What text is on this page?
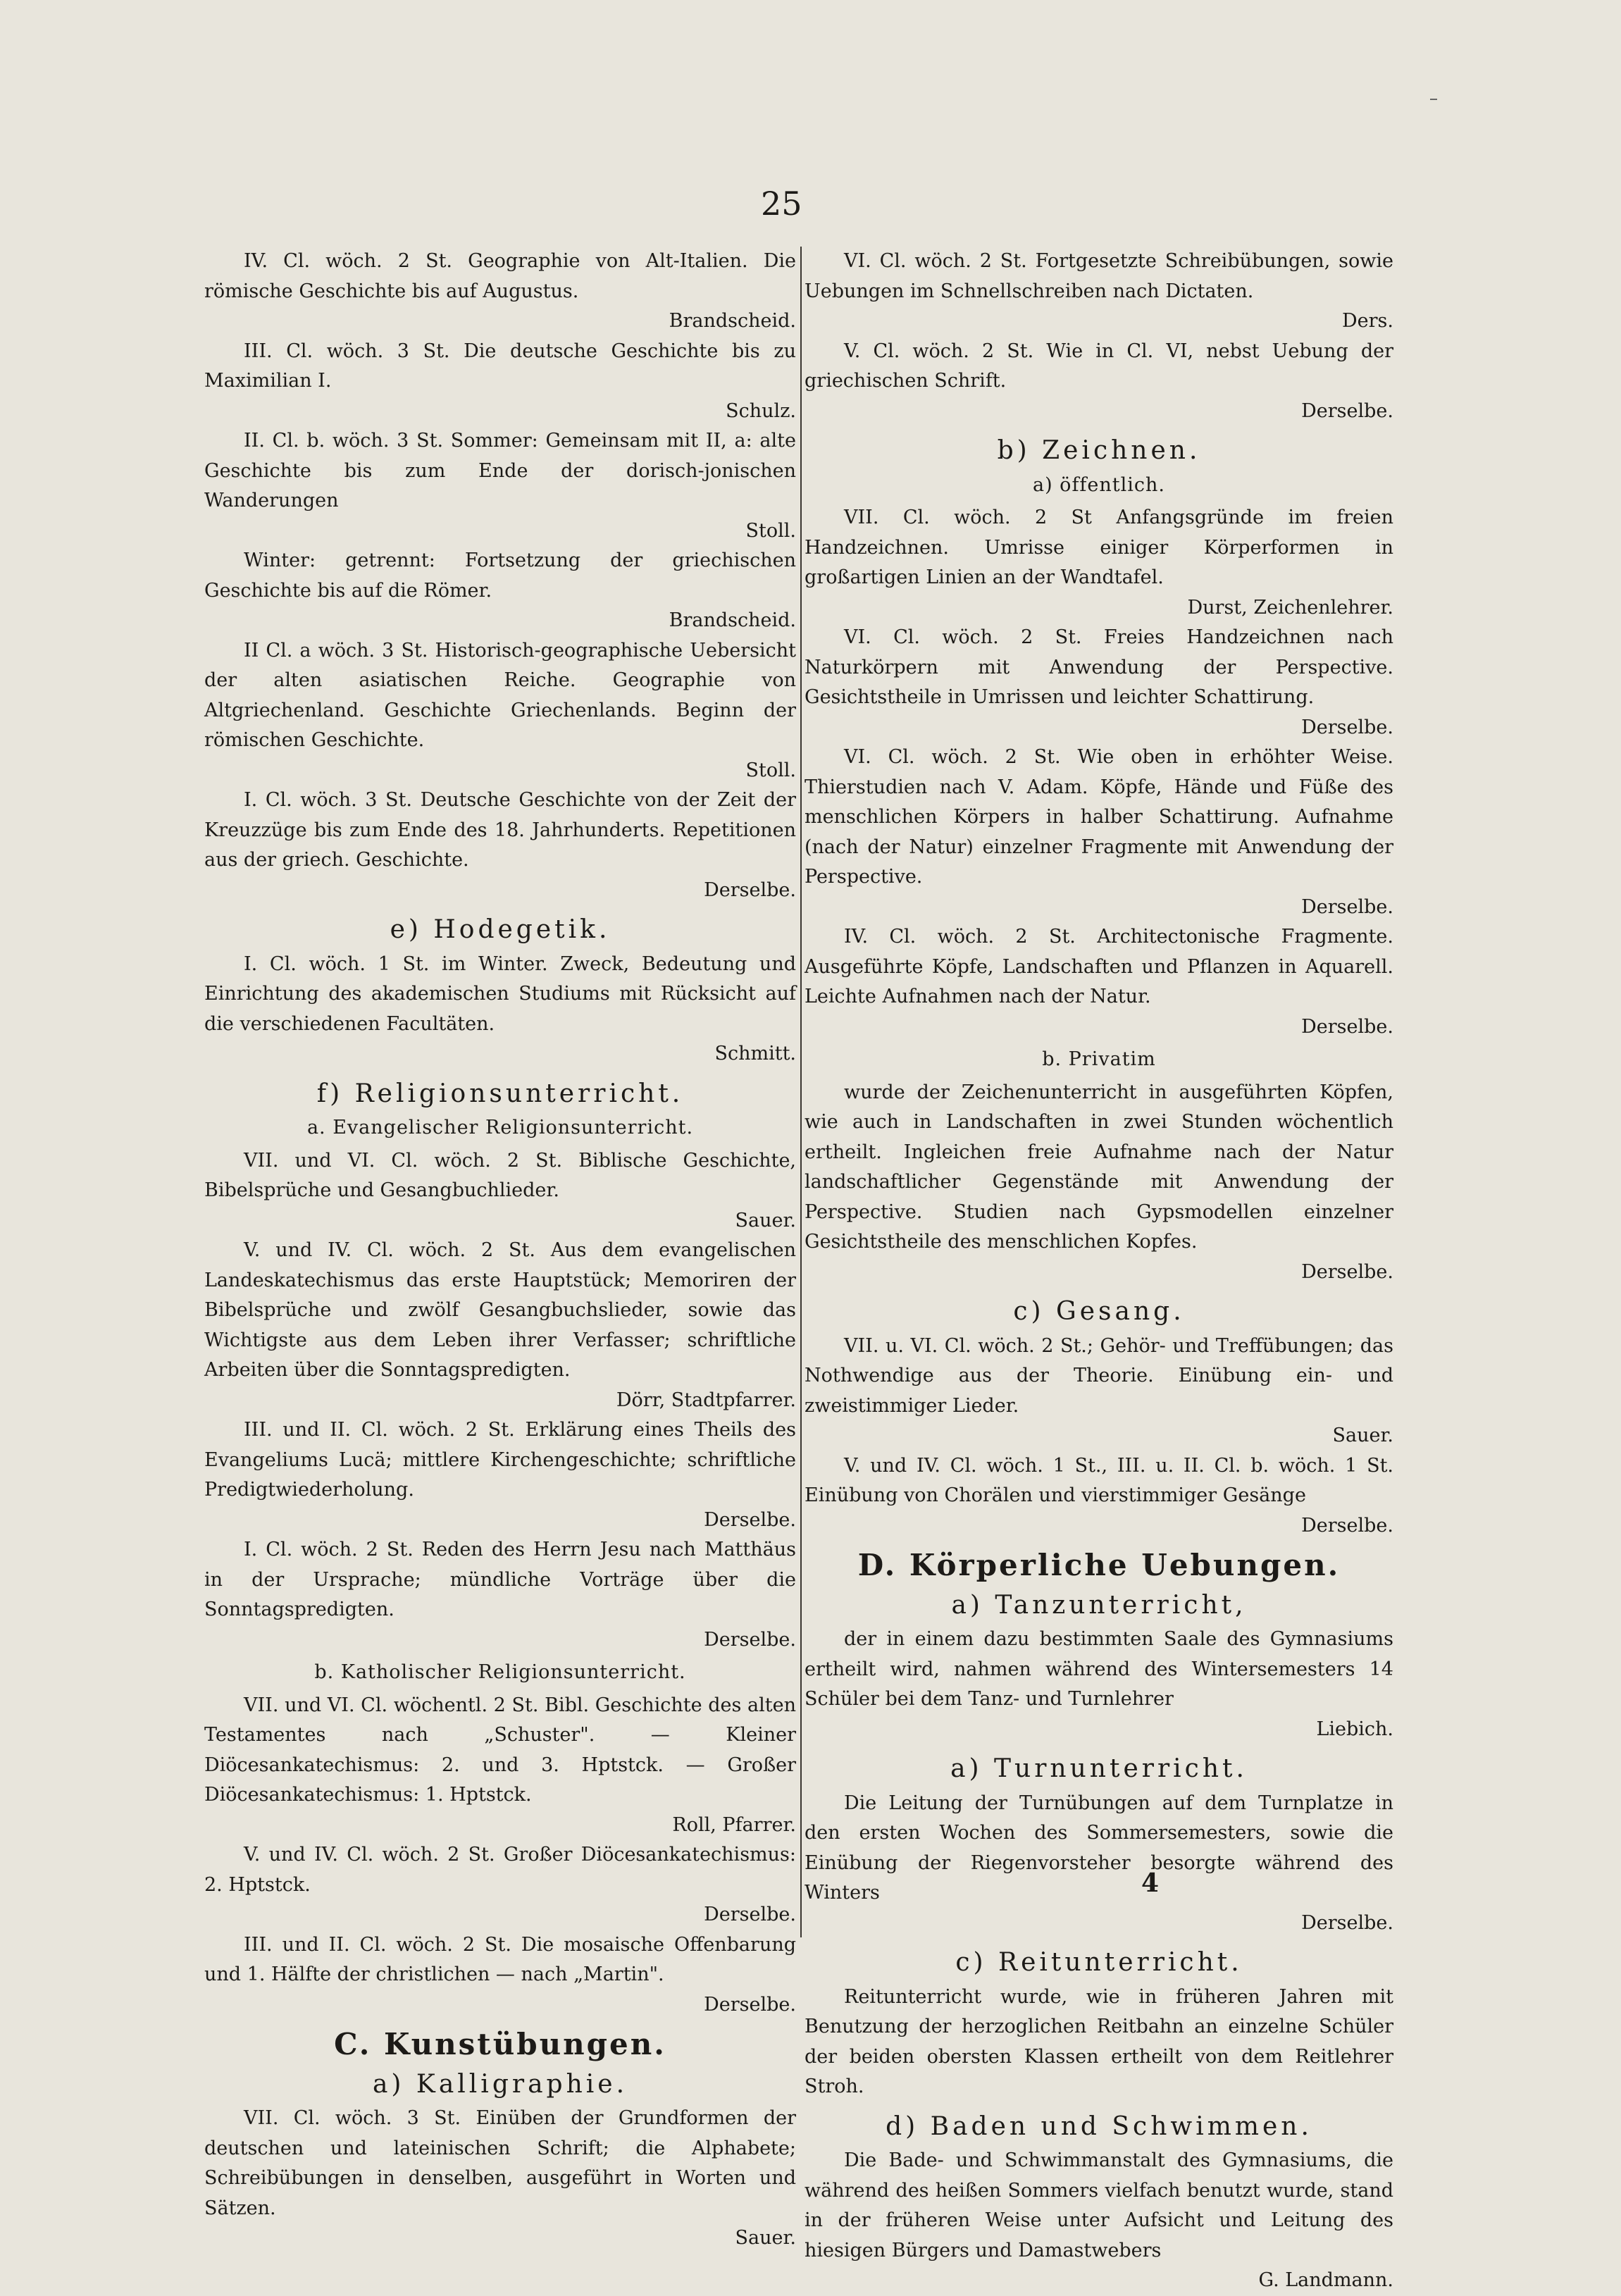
25
IV. Cl. wöch. 2 St. Geographie von Alt-Italien. Die römische Geschichte bis auf Augustus.
Brandscheid.
III. Cl. wöch. 3 St. Die deutsche Geschichte bis zu Maximilian I.
Schulz.
II. Cl. b. wöch. 3 St. Sommer: Gemeinsam mit II, a: alte Geschichte bis zum Ende der dorisch-jonischen Wanderungen
Stoll.
Winter: getrennt: Fortsetzung der griechischen Geschichte bis auf die Römer.
Brandscheid.
II Cl. a wöch. 3 St. Historisch-geographische Uebersicht der alten asiatischen Reiche. Geographie von Altgriechenland. Geschichte Griechenlands. Beginn der römischen Geschichte.
Stoll.
I. Cl. wöch. 3 St. Deutsche Geschichte von der Zeit der Kreuzzüge bis zum Ende des 18. Jahrhunderts. Repetitionen aus der griech. Geschichte.
Derselbe.
e) Hodegetik.
I. Cl. wöch. 1 St. im Winter. Zweck, Bedeutung und Einrichtung des akademischen Studiums mit Rücksicht auf die verschiedenen Facultäten.
Schmitt.
f) Religionsunterricht.
a. Evangelischer Religionsunterricht.
VII. und VI. Cl. wöch. 2 St. Biblische Geschichte, Bibelsprüche und Gesangbuchlieder.
Sauer.
V. und IV. Cl. wöch. 2 St. Aus dem evangelischen Landeskatechismus das erste Hauptstück; Memoriren der Bibelsprüche und zwölf Gesangbuchslieder, sowie das Wichtigste aus dem Leben ihrer Verfasser; schriftliche Arbeiten über die Sonntagspredigten.
Dörr, Stadtpfarrer.
III. und II. Cl. wöch. 2 St. Erklärung eines Theils des Evangeliums Lucä; mittlere Kirchengeschichte; schriftliche Predigtwiederholung.
Derselbe.
I. Cl. wöch. 2 St. Reden des Herrn Jesu nach Matthäus in der Ursprache; mündliche Vorträge über die Sonntagspredigten.
Derselbe.
b. Katholischer Religionsunterricht.
VII. und VI. Cl. wöchentl. 2 St. Bibl. Geschichte des alten Testamentes nach „Schuster". — Kleiner Diöcesankatechismus: 2. und 3. Hptstck. — Großer Diöcesankatechismus: 1. Hptstck.
Roll, Pfarrer.
V. und IV. Cl. wöch. 2 St. Großer Diöcesankatechismus: 2. Hptstck.
Derselbe.
III. und II. Cl. wöch. 2 St. Die mosaische Offenbarung und 1. Hälfte der christlichen — nach „Martin".
Derselbe.
C. Kunstübungen.
a) Kalligraphie.
VII. Cl. wöch. 3 St. Einüben der Grundformen der deutschen und lateinischen Schrift; die Alphabete; Schreibübungen in denselben, ausgeführt in Worten und Sätzen.
Sauer.
VI. Cl. wöch. 2 St. Fortgesetzte Schreibübungen, sowie Uebungen im Schnellschreiben nach Dictaten.
Ders.
V. Cl. wöch. 2 St. Wie in Cl. VI, nebst Uebung der griechischen Schrift.
Derselbe.
b) Zeichnen.
a) öffentlich.
VII. Cl. wöch. 2 St Anfangsgründe im freien Handzeichnen. Umrisse einiger Körperformen in großartigen Linien an der Wandtafel.
Durst, Zeichenlehrer.
VI. Cl. wöch. 2 St. Freies Handzeichnen nach Naturkörpern mit Anwendung der Perspective. Gesichtstheile in Umrissen und leichter Schattirung.
Derselbe.
VI. Cl. wöch. 2 St. Wie oben in erhöhter Weise. Thierstudien nach V. Adam. Köpfe, Hände und Füße des menschlichen Körpers in halber Schattirung. Aufnahme (nach der Natur) einzelner Fragmente mit Anwendung der Perspective.
Derselbe.
IV. Cl. wöch. 2 St. Architectonische Fragmente. Ausgeführte Köpfe, Landschaften und Pflanzen in Aquarell. Leichte Aufnahmen nach der Natur.
Derselbe.
b. Privatim
wurde der Zeichenunterricht in ausgeführten Köpfen, wie auch in Landschaften in zwei Stunden wöchentlich ertheilt. Ingleichen freie Aufnahme nach der Natur landschaftlicher Gegenstände mit Anwendung der Perspective. Studien nach Gypsmodellen einzelner Gesichtstheile des menschlichen Kopfes.
Derselbe.
c) Gesang.
VII. u. VI. Cl. wöch. 2 St.; Gehör- und Treffübungen; das Nothwendige aus der Theorie. Einübung ein- und zweistimmiger Lieder.
Sauer.
V. und IV. Cl. wöch. 1 St., III. u. II. Cl. b. wöch. 1 St. Einübung von Chorälen und vierstimmiger Gesänge
Derselbe.
D. Körperliche Uebungen.
a) Tanzunterricht,
der in einem dazu bestimmten Saale des Gymnasiums ertheilt wird, nahmen während des Wintersemesters 14 Schüler bei dem Tanz- und Turnlehrer
Liebich.
a) Turnunterricht.
Die Leitung der Turnübungen auf dem Turnplatze in den ersten Wochen des Sommersemesters, sowie die Einübung der Riegenvorsteher besorgte während des Winters
Derselbe.
c) Reitunterricht.
Reitunterricht wurde, wie in früheren Jahren mit Benutzung der herzoglichen Reitbahn an einzelne Schüler der beiden obersten Klassen ertheilt von dem Reitlehrer Stroh.
d) Baden und Schwimmen.
Die Bade- und Schwimmanstalt des Gymnasiums, die während des heißen Sommers vielfach benutzt wurde, stand in der früheren Weise unter Aufsicht und Leitung des hiesigen Bürgers und Damastwebers
G. Landmann.
4
